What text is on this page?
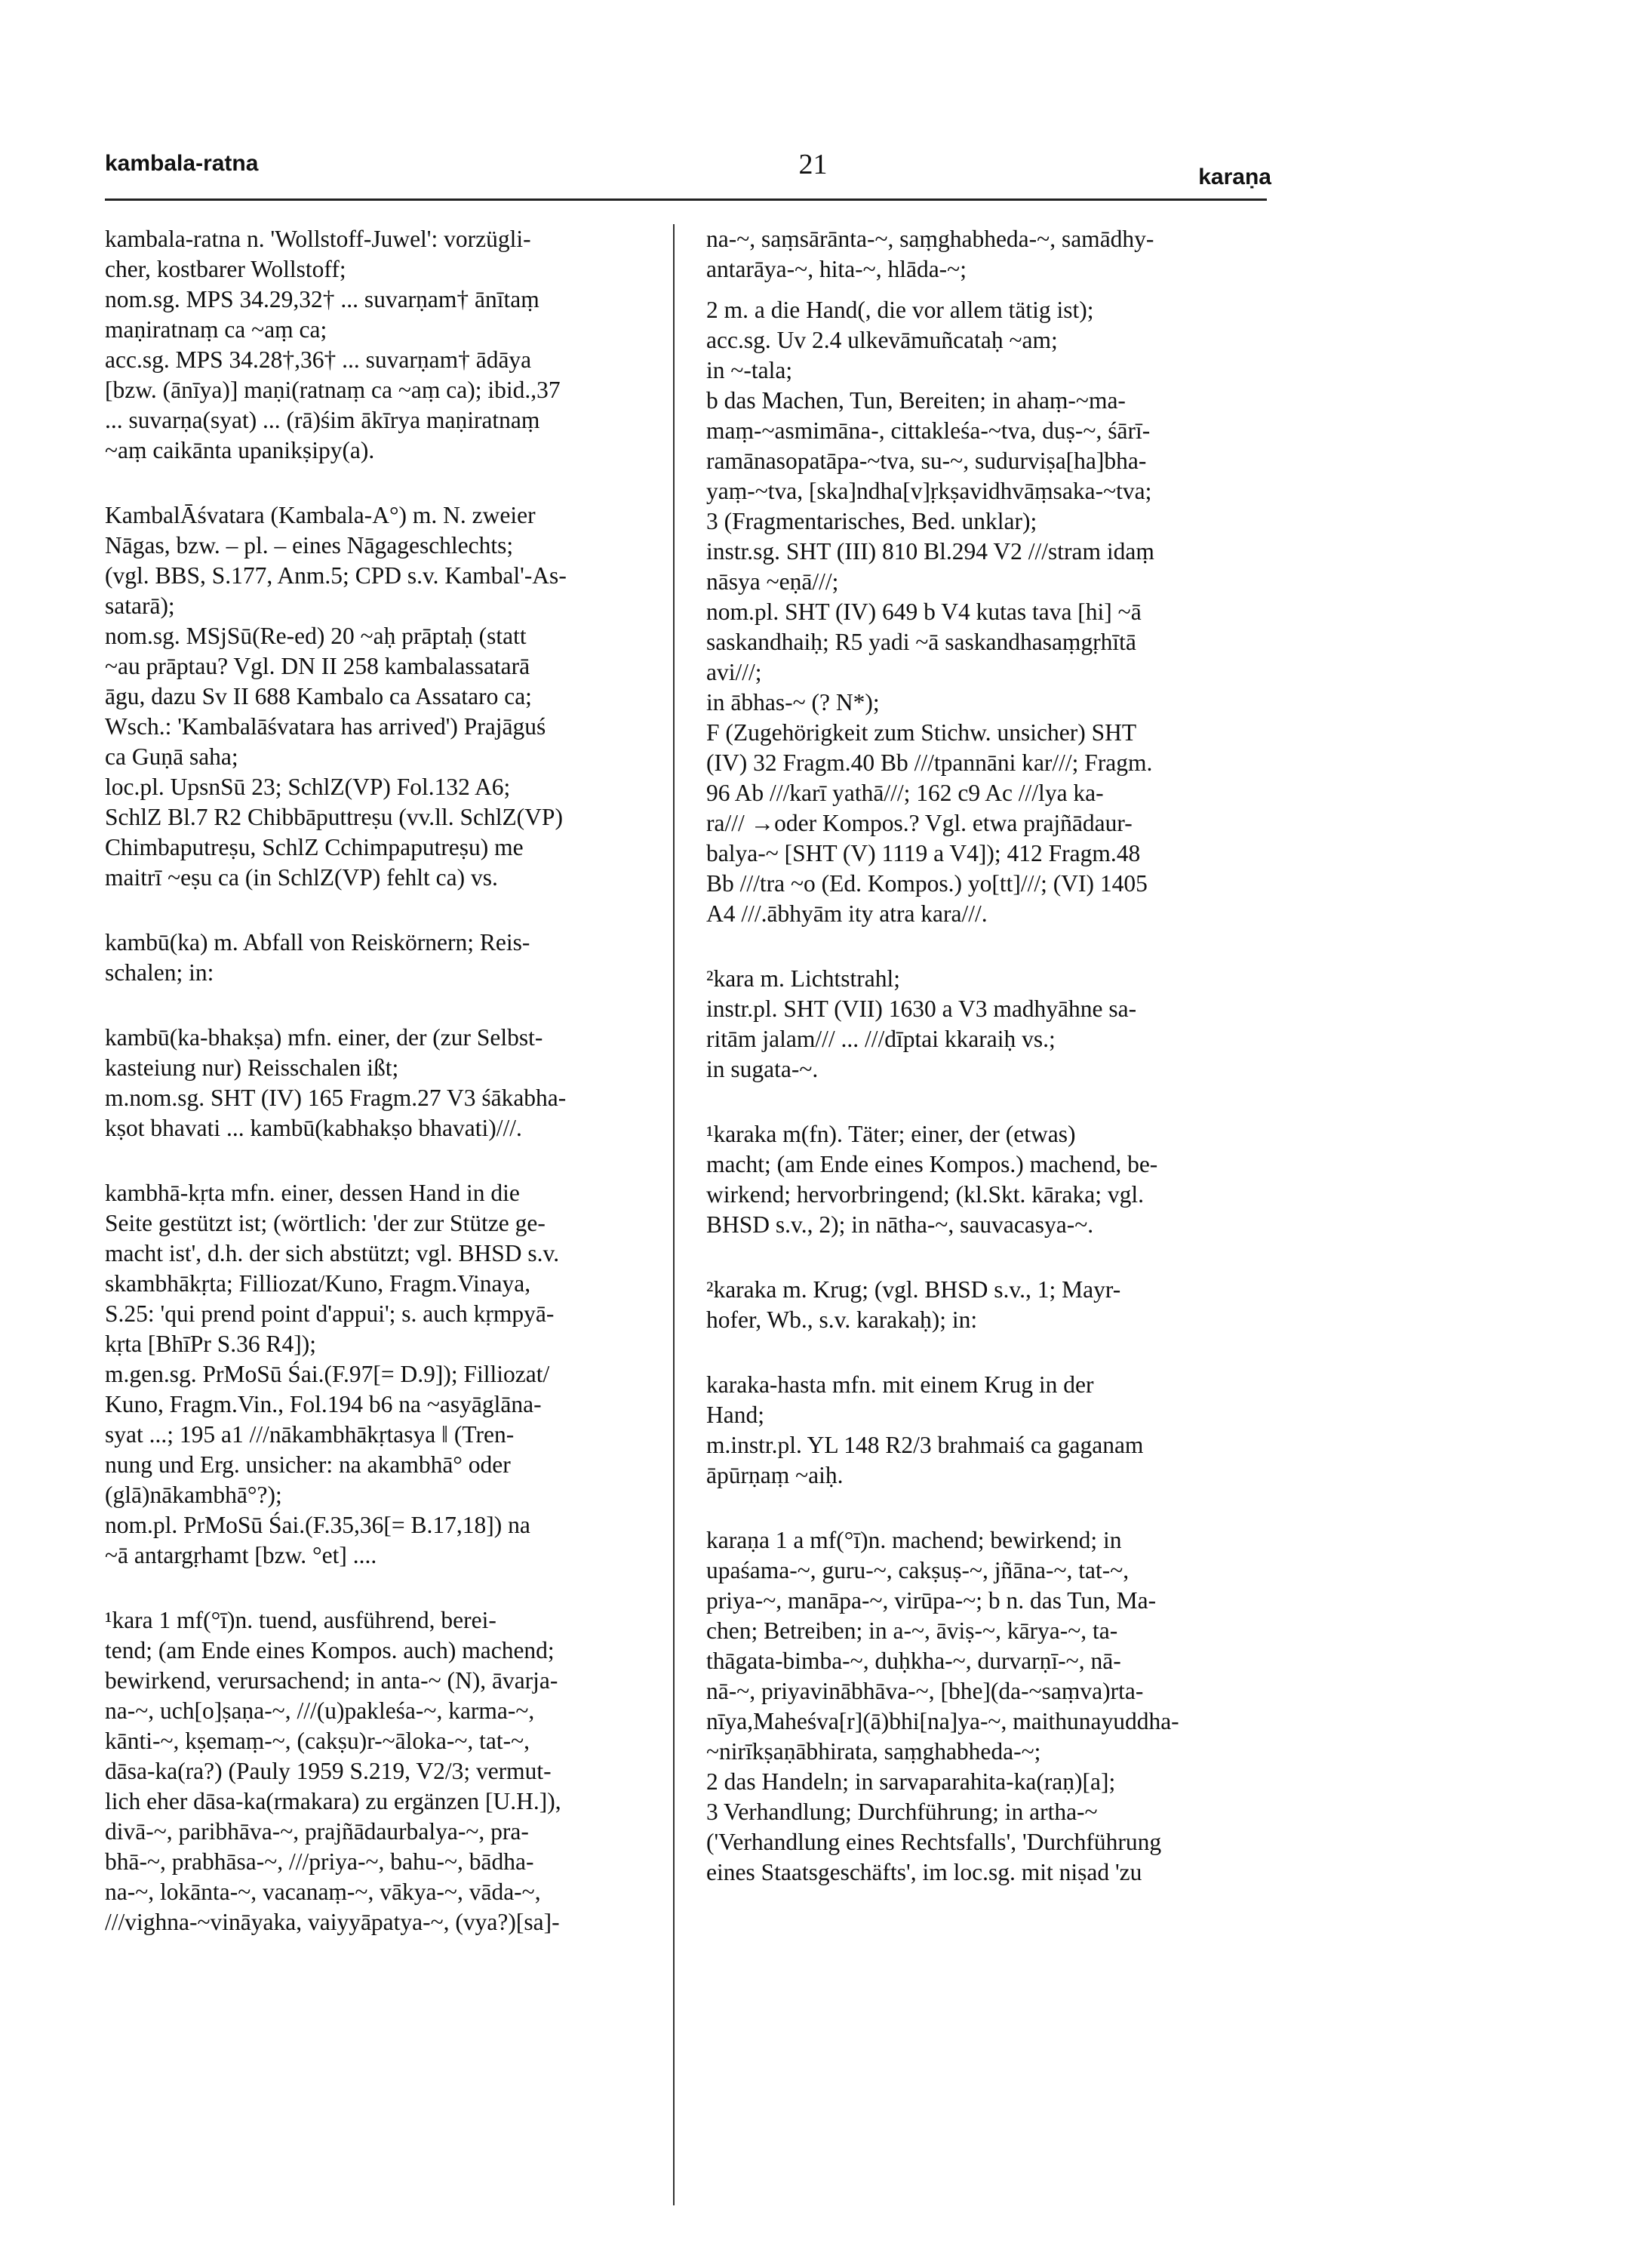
kambala-ratna	21	karaṇa
kambala-ratna n. 'Wollstoff-Juwel': vorzügli-
cher, kostbarer Wollstoff;
nom.sg. MPS 34.29,32† ... suvarṇam† ānītaṃ
maṇiratnaṃ ca ~aṃ ca;
acc.sg. MPS 34.28†,36† ... suvarṇam† ādāya
[bzw. (ānīya)] maṇi(ratnaṃ ca ~aṃ ca); ibid.,37
... suvarṇa(syat) ... (rā)śim ākīrya maṇiratnaṃ
~aṃ caikānta upanikṣipy(a).
KambalĀśvatara (Kambala-A°) m. N. zweier
Nāgas, bzw. – pl. – eines Nāgageschlechts;
(vgl. BBS, S.177, Anm.5; CPD s.v. Kambal'-As-
satarā);
nom.sg. MSjSū(Re-ed) 20 ~aḥ prāptaḥ (statt
~au prāptau? Vgl. DN II 258 kambalassatarā
āgu, dazu Sv II 688 Kambalo ca Assataro ca;
Wsch.: 'Kambalāśvatara has arrived') Prajāguś
ca Guṇā saha;
loc.pl. UpsnSū 23; SchlZ(VP) Fol.132 A6;
SchlZ Bl.7 R2 Chibbāputtreṣu (vv.ll. SchlZ(VP)
Chimbaputreṣu, SchlZ Cchimpaputreṣu) me
maitrī ~eṣu ca (in SchlZ(VP) fehlt ca) vs.
kambū(ka) m. Abfall von Reiskörnern; Reis-
schalen; in:
kambū(ka-bhakṣa) mfn. einer, der (zur Selbst-
kasteiung nur) Reisschalen ißt;
m.nom.sg. SHT (IV) 165 Fragm.27 V3 śākabha-
kṣot bhavati ... kambū(kabhakṣo bhavati)///.
kambhā-kṛta mfn. einer, dessen Hand in die
Seite gestützt ist; (wörtlich: 'der zur Stütze ge-
macht ist', d.h. der sich abstützt; vgl. BHSD s.v.
skambhākṛta; Filliozat/Kuno, Fragm.Vinaya,
S.25: 'qui prend point d'appui'; s. auch kṛmpyā-
kṛta [BhīPr S.36 R4]);
m.gen.sg. PrMoSū Śai.(F.97[= D.9]); Filliozat/
Kuno, Fragm.Vin., Fol.194 b6 na ~asyāglāna-
syat ...; 195 a1 ///nākambhākṛtasya ‖ (Tren-
nung und Erg. unsicher: na akambhā° oder
(glā)nākambhā°?);
nom.pl. PrMoSū Śai.(F.35,36[= B.17,18]) na
~ā antargṛhamt [bzw. °et] ....
¹kara 1 mf(°ī)n. tuend, ausführend, berei-
tend; (am Ende eines Kompos. auch) machend;
bewirkend, verursachend; in anta-~ (N), āvarja-
na-~, uch[o]ṣaṇa-~, ///(u)pakleśa-~, karma-~,
kānti-~, kṣemaṃ-~, (cakṣu)r-~āloka-~, tat-~,
dāsa-ka(ra?) (Pauly 1959 S.219, V2/3; vermut-
lich eher dāsa-ka(rmakara) zu ergänzen [U.H.]),
divā-~, paribhāva-~, prajñādaurbalya-~, pra-
bhā-~, prabhāsa-~, ///priya-~, bahu-~, bādha-
na-~, lokānta-~, vacanaṃ-~, vākya-~, vāda-~,
///vighna-~vināyaka, vaiyyāpatya-~, (vya?)[sa]-
na-~, saṃsārānta-~, saṃghabheda-~, samādhy-
antarāya-~, hita-~, hlāda-~;
2 m. a die Hand(, die vor allem tätig ist);
acc.sg. Uv 2.4 ulkevāmuñcataḥ ~am;
in ~-tala;
b das Machen, Tun, Bereiten; in ahaṃ-~ma-
maṃ-~asmimāna-, cittakleśa-~tva, duṣ-~, śārī-
ramānasopatāpa-~tva, su-~, sudurviṣa[ha]bha-
yaṃ-~tva, [ska]ndha[v]ṛkṣavidhvāṃsaka-~tva;
3 (Fragmentarisches, Bed. unklar);
instr.sg. SHT (III) 810 Bl.294 V2 ///stram idaṃ
nāsya ~eṇā///;
nom.pl. SHT (IV) 649 b V4 kutas tava [hi] ~ā
saskandhaiḥ; R5 yadi ~ā saskandhasaṃgṛhītā
avi///;
in ābhas-~ (? N*);
F (Zugehörigkeit zum Stichw. unsicher) SHT
(IV) 32 Fragm.40 Bb ///tpannāni kar///; Fragm.
96 Ab ///karī yathā///; 162 c9 Ac ///lya ka-
ra/// →oder Kompos.? Vgl. etwa prajñādaur-
balya-~ [SHT (V) 1119 a V4]); 412 Fragm.48
Bb ///tra ~o (Ed. Kompos.) yo[tt]///; (VI) 1405
A4 ///.ābhyām ity atra kara///.
²kara m. Lichtstrahl;
instr.pl. SHT (VII) 1630 a V3 madhyāhne sa-
ritām jalam/// ... ///dīptai kkaraiḥ vs.;
in sugata-~.
¹karaka m(fn). Täter; einer, der (etwas)
macht; (am Ende eines Kompos.) machend, be-
wirkend; hervorbringend; (kl.Skt. kāraka; vgl.
BHSD s.v., 2); in nātha-~, sauvacasya-~.
²karaka m. Krug; (vgl. BHSD s.v., 1; Mayr-
hofer, Wb., s.v. karakaḥ); in:
karaka-hasta mfn. mit einem Krug in der
Hand;
m.instr.pl. YL 148 R2/3 brahmaiś ca gaganam
āpūrṇaṃ ~aiḥ.
karaṇa 1 a mf(°ī)n. machend; bewirkend; in
upaśama-~, guru-~, cakṣuṣ-~, jñāna-~, tat-~,
priya-~, manāpa-~, virūpa-~; b n. das Tun, Ma-
chen; Betreiben; in a-~, āviṣ-~, kārya-~, ta-
thāgata-bimba-~, duḥkha-~, durvarṇī-~, nā-
nā-~, priyavinābhāva-~, [bhe](da-~saṃva)rta-
nīya,Maheśva[r](ā)bhi[na]ya-~, maithunayuddha-
~nirīkṣaṇābhirata, saṃghabheda-~;
2 das Handeln; in sarvaparahita-ka(raṇ)[a];
3 Verhandlung; Durchführung; in artha-~
('Verhandlung eines Rechtsfalls', 'Durchführung
eines Staatsgeschäfts', im loc.sg. mit niṣad 'zu
